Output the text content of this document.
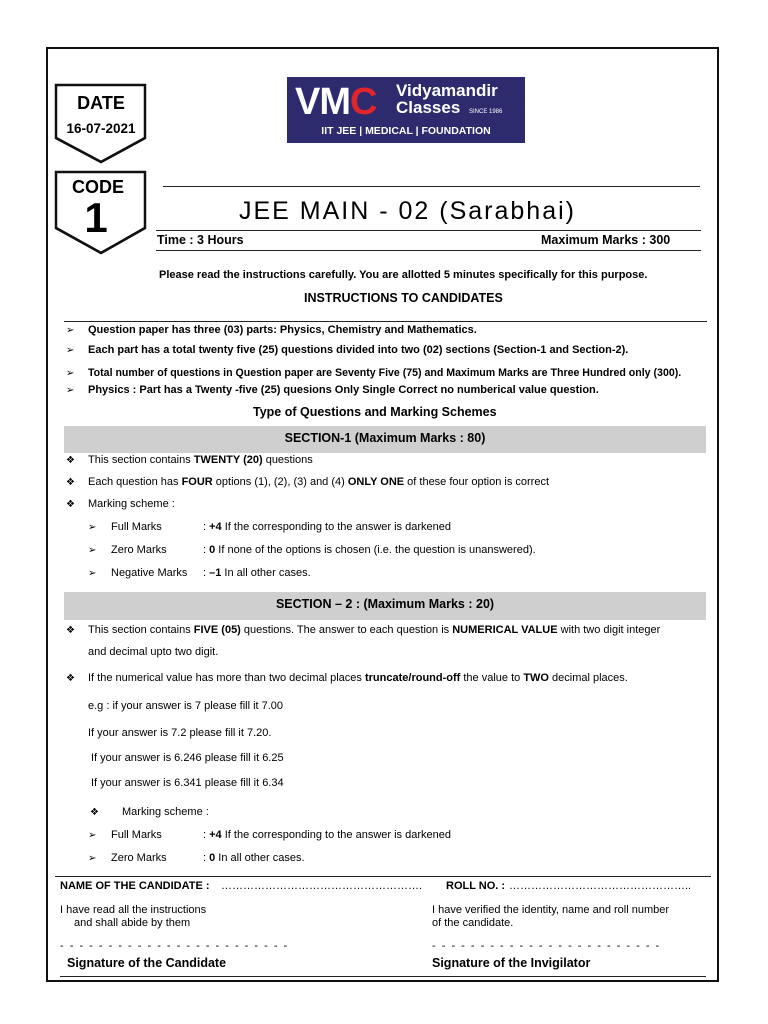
DATE
16-07-2021
CODE
1
VMC Vidyamandir
Classes	SINCE 1986
IIT JEE | MEDICAL | FOUNDATION
JEE MAIN - 02 (Sarabhai)
Time : 3 Hours	Maximum Marks : 300
Please read the instructions carefully. You are allotted 5 minutes specifically for this purpose.
INSTRUCTIONS TO CANDIDATES
➢ Question paper has three (03) parts: Physics, Chemistry and Mathematics.
➢ Each part has a total twenty five (25) questions divided into two (02) sections (Section-1 and Section-2).
➢ Total number of questions in Question paper are Seventy Five (75) and Maximum Marks are Three Hundred only (300).
➢ Physics : Part has a Twenty -five (25) quesions Only Single Correct no numberical value question.
Type of Questions and Marking Schemes
SECTION-1 (Maximum Marks : 80)
❖ This section contains TWENTY (20) questions
❖ Each question has FOUR options (1), (2), (3) and (4) ONLY ONE of these four option is correct
❖ Marking scheme :
➢ Full Marks	: +4 If the corresponding to the answer is darkened
➢ Zero Marks	: 0 If none of the options is chosen (i.e. the question is unanswered).
➢ Negative Marks : –1 In all other cases.
SECTION – 2 : (Maximum Marks : 20)
❖ This section contains FIVE (05) questions. The answer to each question is NUMERICAL VALUE with two digit integer
and decimal upto two digit.
❖ If the numerical value has more than two decimal places truncate/round-off the value to TWO decimal places.
e.g : if your answer is 7 please fill it 7.00
If your answer is 7.2 please fill it 7.20.
If your answer is 6.246 please fill it 6.25
If your answer is 6.341 please fill it 6.34
❖ Marking scheme :
➢ Full Marks	: +4 If the corresponding to the answer is darkened
➢ Zero Marks	: 0 In all other cases.
NAME OF THE CANDIDATE : ………………………………………………. ROLL NO. : …………………………………………..
I have read all the instructions
and shall abide by them
I have verified the identity, name and roll number
of the candidate.
- - - - - - - - - - - - - - - - - - - - - - - -	- - - - - - - - - - - - - - - - - - - - - - - -
Signature of the Candidate	Signature of the Invigilator
